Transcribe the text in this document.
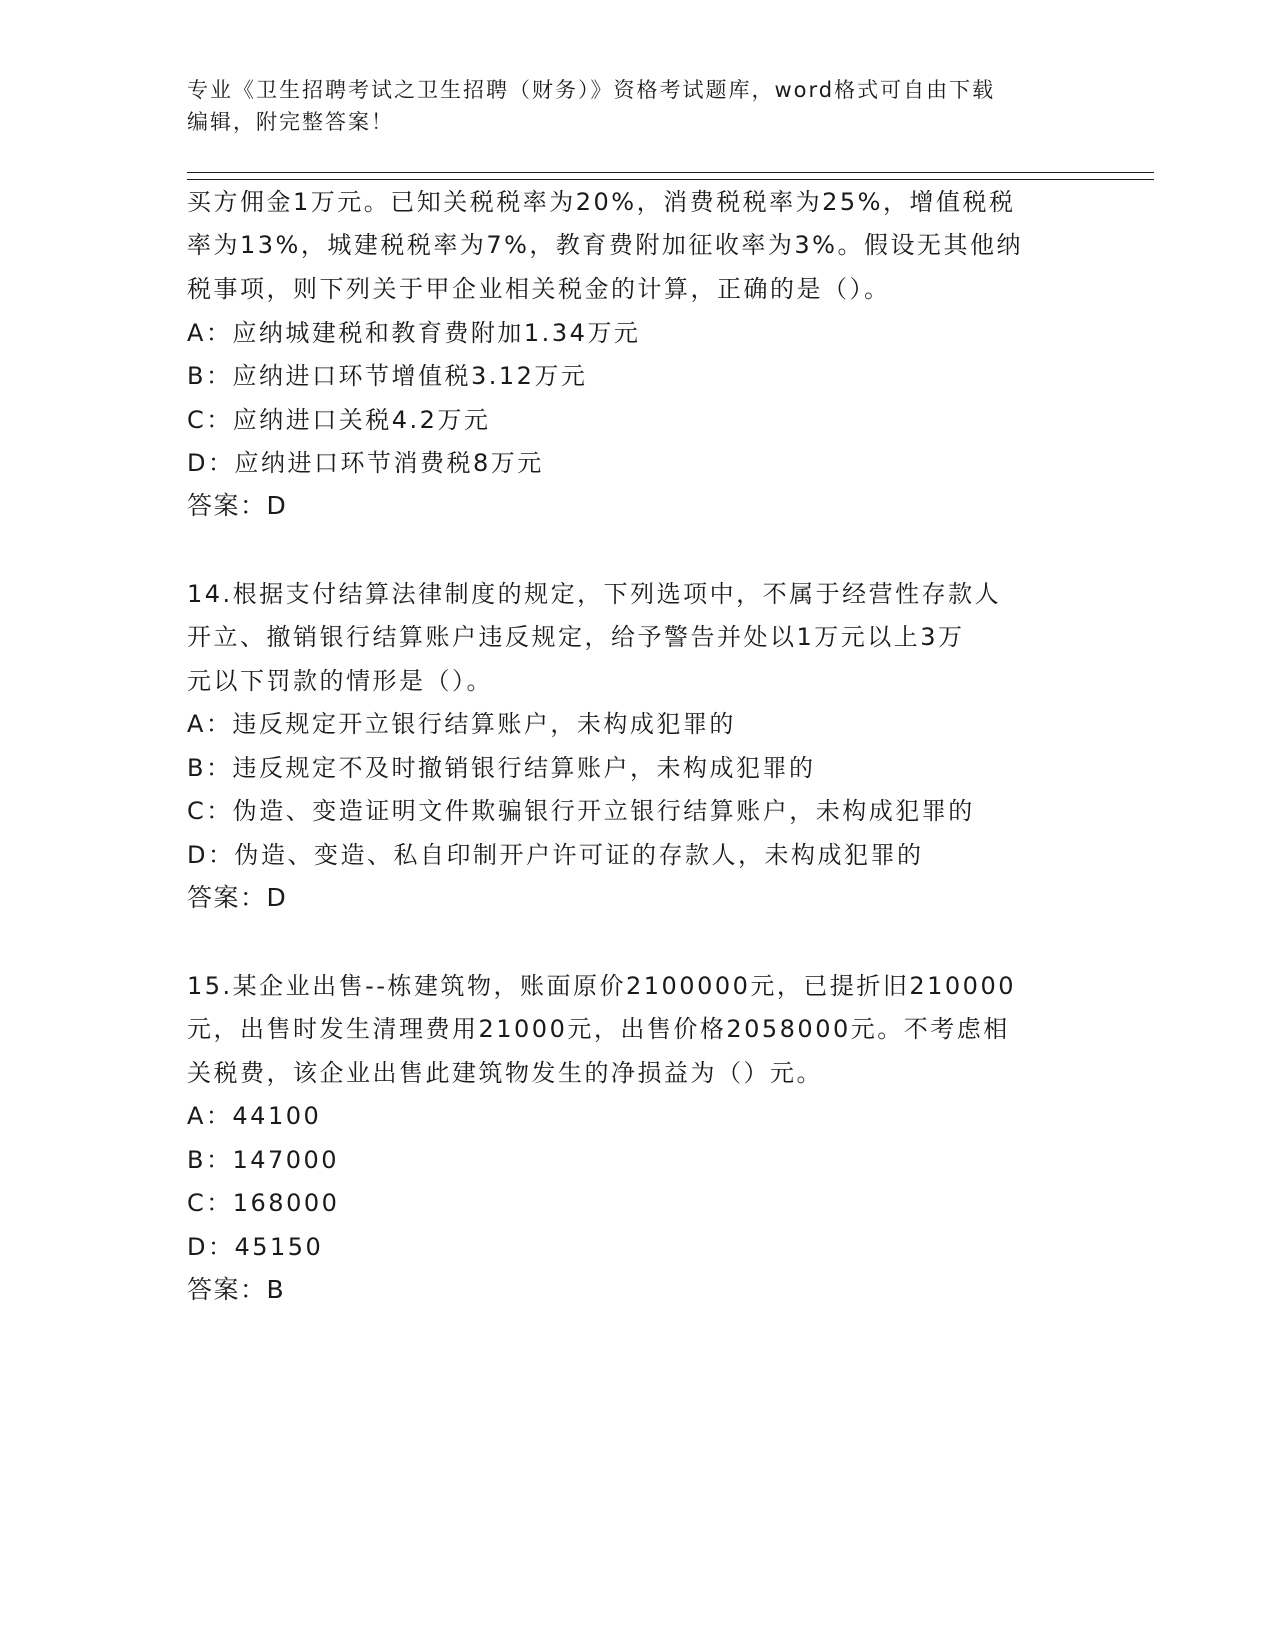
专业《卫生招聘考试之卫生招聘（财务）》资格考试题库，word格式可自由下载
编辑，附完整答案！
买方佣金1万元。已知关税税率为20%，消费税税率为25%，增值税税
率为13%，城建税税率为7%，教育费附加征收率为3%。假设无其他纳
税事项，则下列关于甲企业相关税金的计算，正确的是（）。
A：应纳城建税和教育费附加1.34万元
B：应纳进口环节增值税3.12万元
C：应纳进口关税4.2万元
D：应纳进口环节消费税8万元
答案：D
14.根据支付结算法律制度的规定，下列选项中，不属于经营性存款人
开立、撤销银行结算账户违反规定，给予警告并处以1万元以上3万
元以下罚款的情形是（）。
A：违反规定开立银行结算账户，未构成犯罪的
B：违反规定不及时撤销银行结算账户，未构成犯罪的
C：伪造、变造证明文件欺骗银行开立银行结算账户，未构成犯罪的
D：伪造、变造、私自印制开户许可证的存款人，未构成犯罪的
答案：D
15.某企业出售--栋建筑物，账面原价2100000元，已提折旧210000
元，出售时发生清理费用21000元，出售价格2058000元。不考虑相
关税费，该企业出售此建筑物发生的净损益为（）元。
A：44100
B：147000
C：168000
D：45150
答案：B
